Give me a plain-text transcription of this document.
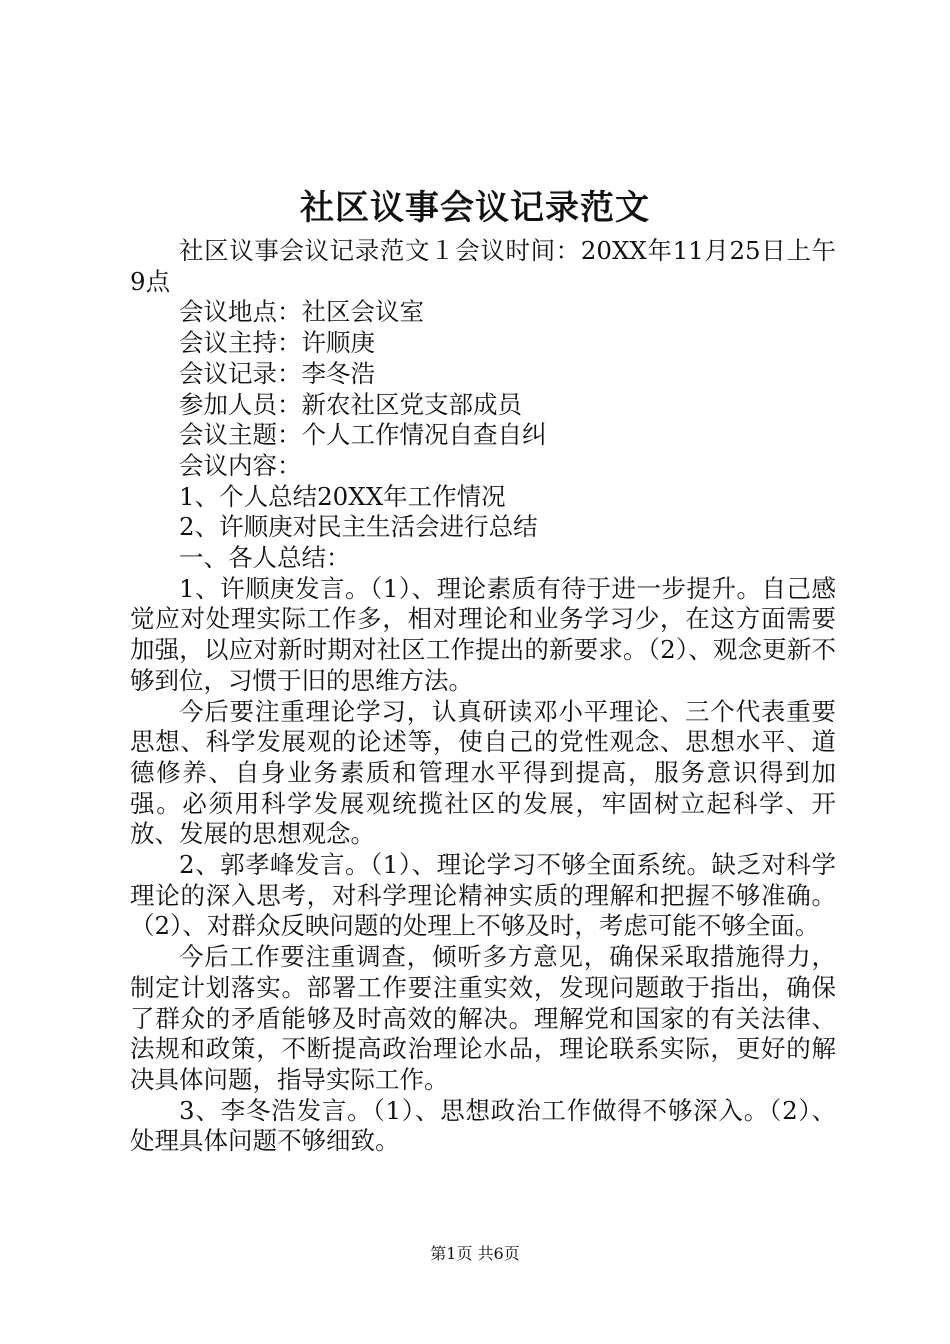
社区议事会议记录范文

社区议事会议记录范文１会议时间：20XX年11月25日上午9点

会议地点：社区会议室

会议主持：许顺庚

会议记录：李冬浩

参加人员：新农社区党支部成员

会议主题：个人工作情况自查自纠

会议内容：

1、个人总结20XX年工作情况

2、许顺庚对民主生活会进行总结

一、各人总结：

1、许顺庚发言。（1）、理论素质有待于进一步提升。自己感觉应对处理实际工作多，相对理论和业务学习少，在这方面需要加强，以应对新时期对社区工作提出的新要求。（2）、观念更新不够到位，习惯于旧的思维方法。

今后要注重理论学习，认真研读邓小平理论、三个代表重要思想、科学发展观的论述等，使自己的党性观念、思想水平、道德修养、自身业务素质和管理水平得到提高，服务意识得到加强。必须用科学发展观统揽社区的发展，牢固树立起科学、开放、发展的思想观念。

2、郭孝峰发言。（1）、理论学习不够全面系统。缺乏对科学理论的深入思考，对科学理论精神实质的理解和把握不够准确。（2）、对群众反映问题的处理上不够及时，考虑可能不够全面。

今后工作要注重调查，倾听多方意见，确保采取措施得力，制定计划落实。部署工作要注重实效，发现问题敢于指出，确保了群众的矛盾能够及时高效的解决。理解党和国家的有关法律、法规和政策，不断提高政治理论水品，理论联系实际，更好的解决具体问题，指导实际工作。

3、李冬浩发言。（1）、思想政治工作做得不够深入。（2）、处理具体问题不够细致。

第1页 共6页
